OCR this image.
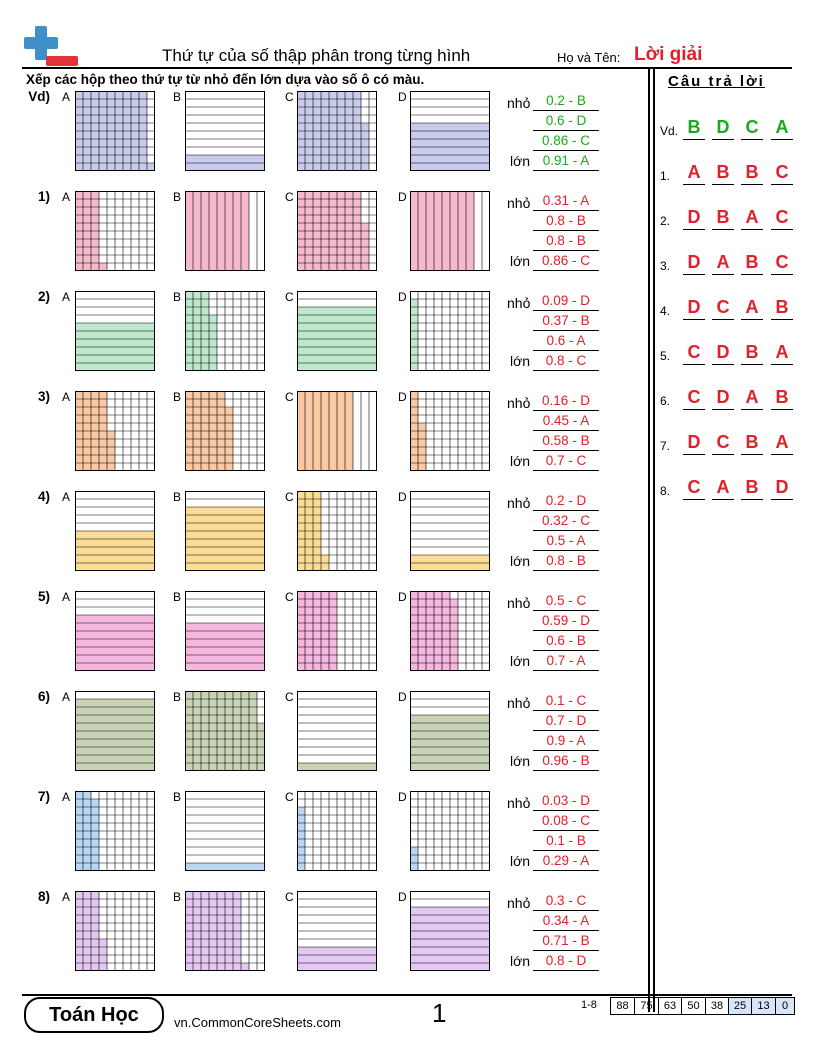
Thứ tự của số thập phân trong từng hình	Họ và Tên: Lời giải
Xếp các hộp theo thứ tự từ nhỏ đến lớn dựa vào số ô có màu.	Câu trả lời
Toán Học	vn.CommonCoreSheets.com	1	1-8
Vd) A	B	C	D	nhỏ
lớn
0.2 - B
0.6 - D
0.86 - C
0.91 - A
1) A	B	C	D	nhỏ
lớn
0.31 - A
0.8 - B
0.8 - B
0.86 - C
2) A	B	C	D	nhỏ
lớn
0.09 - D
0.37 - B
0.6 - A
0.8 - C
3) A	B	C	D	nhỏ
lớn
0.16 - D
0.45 - A
0.58 - B
0.7 - C
4) A	B	C	D	nhỏ
lớn
0.2 - D
0.32 - C
0.5 - A
0.8 - B
5) A	B	C	D	nhỏ
lớn
0.5 - C
0.59 - D
0.6 - B
0.7 - A
6) A	B	C	D	nhỏ
lớn
0.1 - C
0.7 - D
0.9 - A
0.96 - B
7) A	B	C	D	nhỏ
lớn
0.03 - D
0.08 - C
0.1 - B
0.29 - A
8) A	B	C	D	nhỏ
lớn
0.3 - C
0.34 - A
0.71 - B
0.8 - D
Vd. B D C A
1. A B B C
2. D B A C
3. D A B C
4. D C A B
5. C D B A
6. C D A B
7. D C B A
8. C A B D
88	75	63	50	38 25	13	0
